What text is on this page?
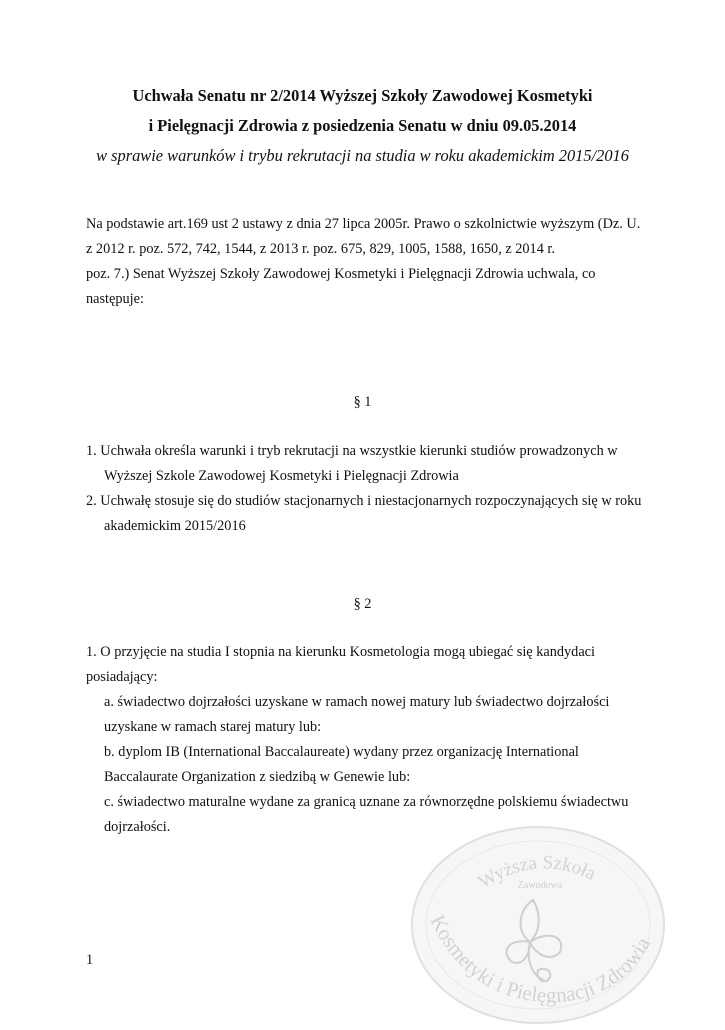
Uchwała Senatu nr 2/2014 Wyższej Szkoły Zawodowej Kosmetyki
i Pielęgnacji Zdrowia z posiedzenia Senatu w dniu 09.05.2014
w sprawie warunków i trybu rekrutacji na studia w roku akademickim 2015/2016
Na podstawie art.169 ust 2 ustawy z dnia 27 lipca 2005r. Prawo o szkolnictwie wyższym (Dz. U.
z 2012 r. poz. 572, 742, 1544, z 2013 r. poz. 675, 829, 1005, 1588, 1650, z 2014 r.
poz. 7.) Senat Wyższej Szkoły Zawodowej Kosmetyki i Pielęgnacji Zdrowia uchwala, co
następuje:
§ 1
1. Uchwała określa warunki i tryb rekrutacji na wszystkie kierunki studiów prowadzonych w
Wyższej Szkole Zawodowej Kosmetyki i Pielęgnacji Zdrowia
2. Uchwałę stosuje się do studiów stacjonarnych i niestacjonarnych rozpoczynających się w roku
akademickim 2015/2016
§ 2
1. O przyjęcie na studia I stopnia na kierunku Kosmetologia mogą ubiegać się kandydaci
posiadający:
a. świadectwo dojrzałości uzyskane w ramach nowej matury lub świadectwo dojrzałości
uzyskane w ramach starej matury lub:
b. dyplom IB (International Baccalaureate) wydany przez organizację International
Baccalaurate Organization z siedzibą w Genewie lub:
c. świadectwo maturalne wydane za granicą uznane za równorzędne polskiemu świadectwu
dojrzałości.
1
Wyższa Szkoła
Zawodowa
Kosmetyki i Pielęgnacji Zdrowia
